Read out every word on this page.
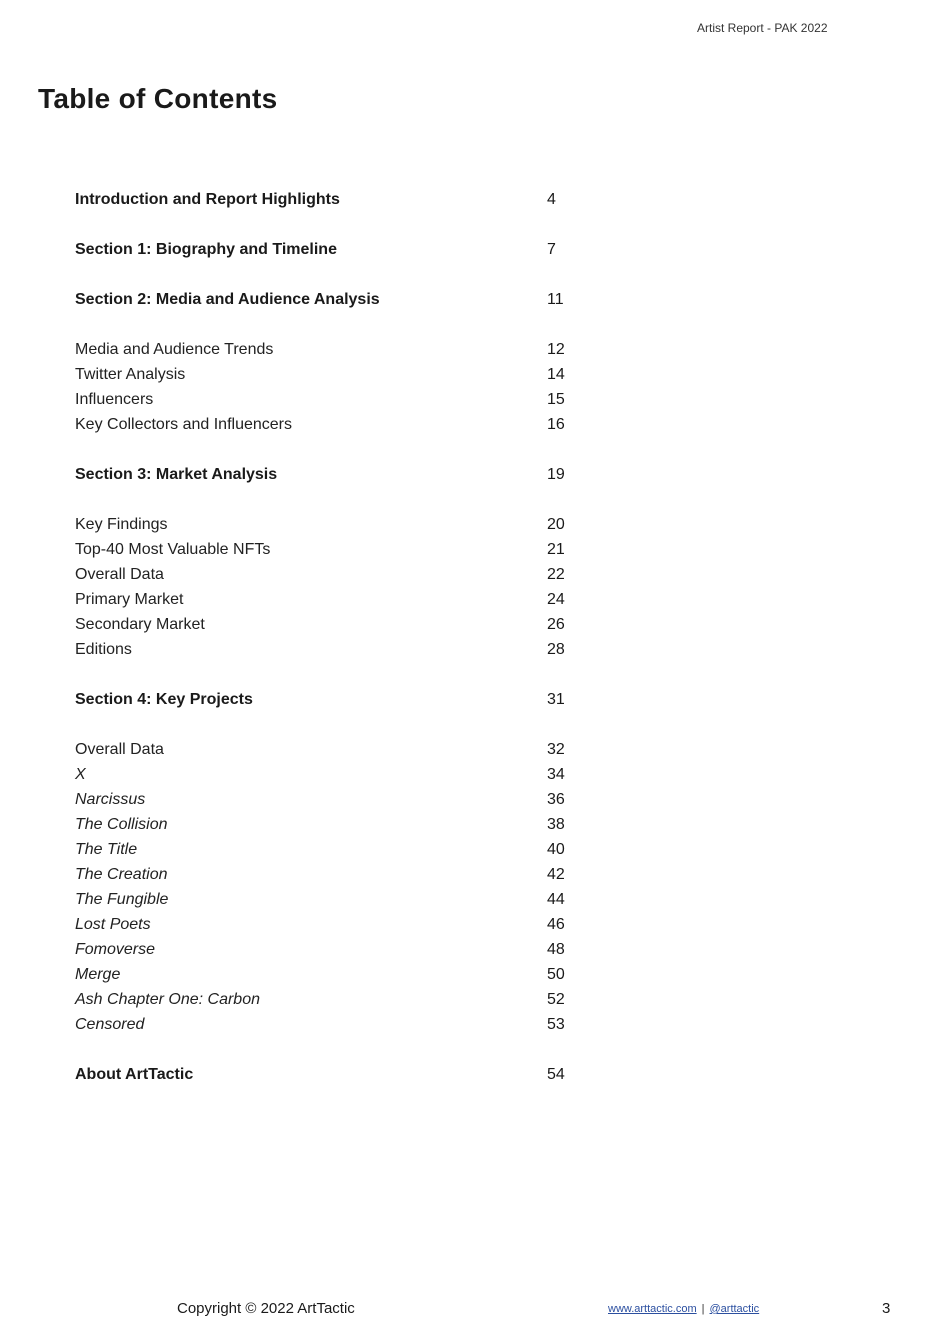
Artist Report - PAK 2022
Table of Contents
Introduction and Report Highlights	4
Section 1: Biography and Timeline	7
Section 2: Media and Audience Analysis	11
Media and Audience Trends	12
Twitter Analysis	14
Influencers	15
Key Collectors and Influencers	16
Section 3: Market Analysis	19
Key Findings	20
Top-40 Most Valuable NFTs	21
Overall Data	22
Primary Market	24
Secondary Market	26
Editions	28
Section 4: Key Projects	31
Overall Data	32
X	34
Narcissus	36
The Collision	38
The Title	40
The Creation	42
The Fungible	44
Lost Poets	46
Fomoverse	48
Merge	50
Ash Chapter One: Carbon	52
Censored	53
About ArtTactic	54
Copyright © 2022 ArtTactic	www.arttactic.com | @arttactic	3
